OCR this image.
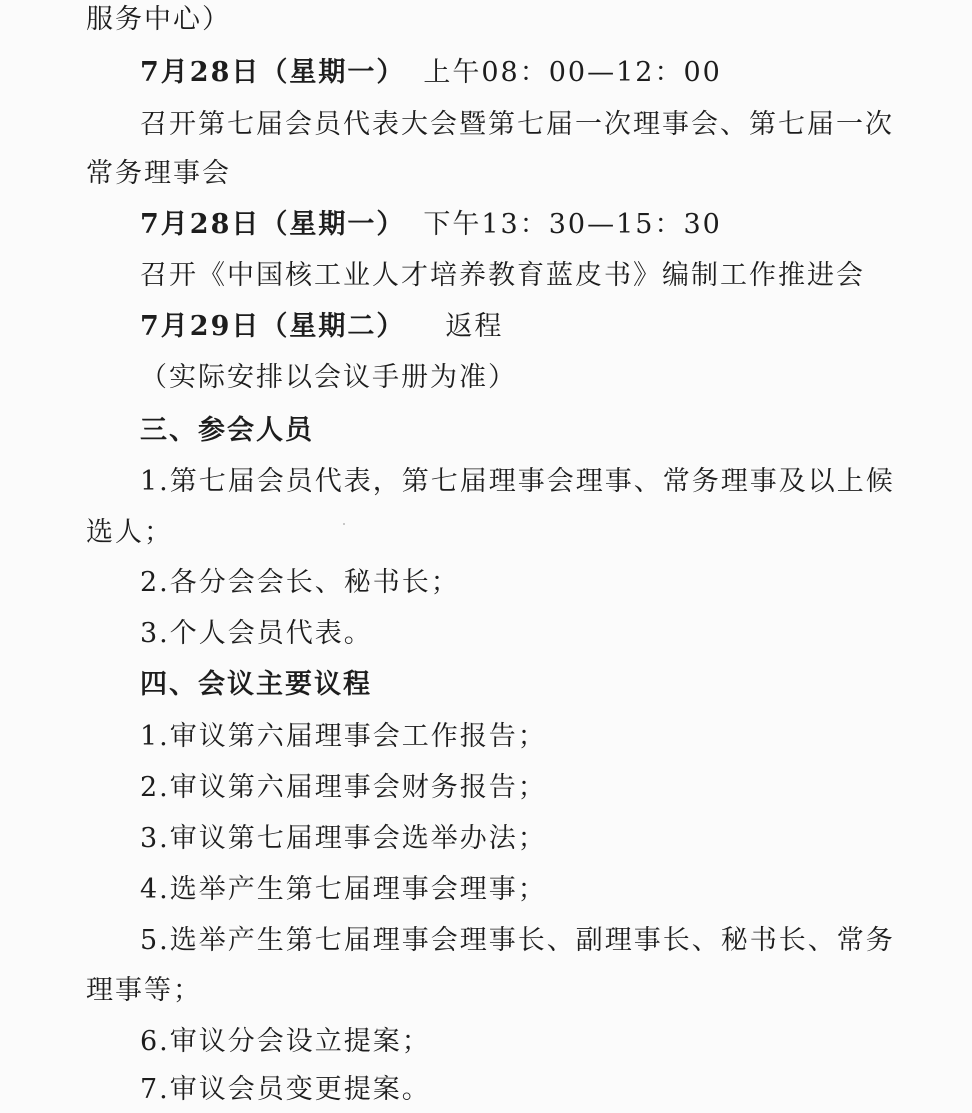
服务中心）
7月28日（星期一） 上午08：00—12：00
召开第七届会员代表大会暨第七届一次理事会、第七届一次
常务理事会
7月28日（星期一） 下午13：30—15：30
召开《中国核工业人才培养教育蓝皮书》编制工作推进会
7月29日（星期二） 返程
（实际安排以会议手册为准）
三、参会人员
1.第七届会员代表，第七届理事会理事、常务理事及以上候
选人；
2.各分会会长、秘书长；
3.个人会员代表。
四、会议主要议程
1.审议第六届理事会工作报告；
2.审议第六届理事会财务报告；
3.审议第七届理事会选举办法；
4.选举产生第七届理事会理事；
5.选举产生第七届理事会理事长、副理事长、秘书长、常务
理事等；
6.审议分会设立提案；
7.审议会员变更提案。
